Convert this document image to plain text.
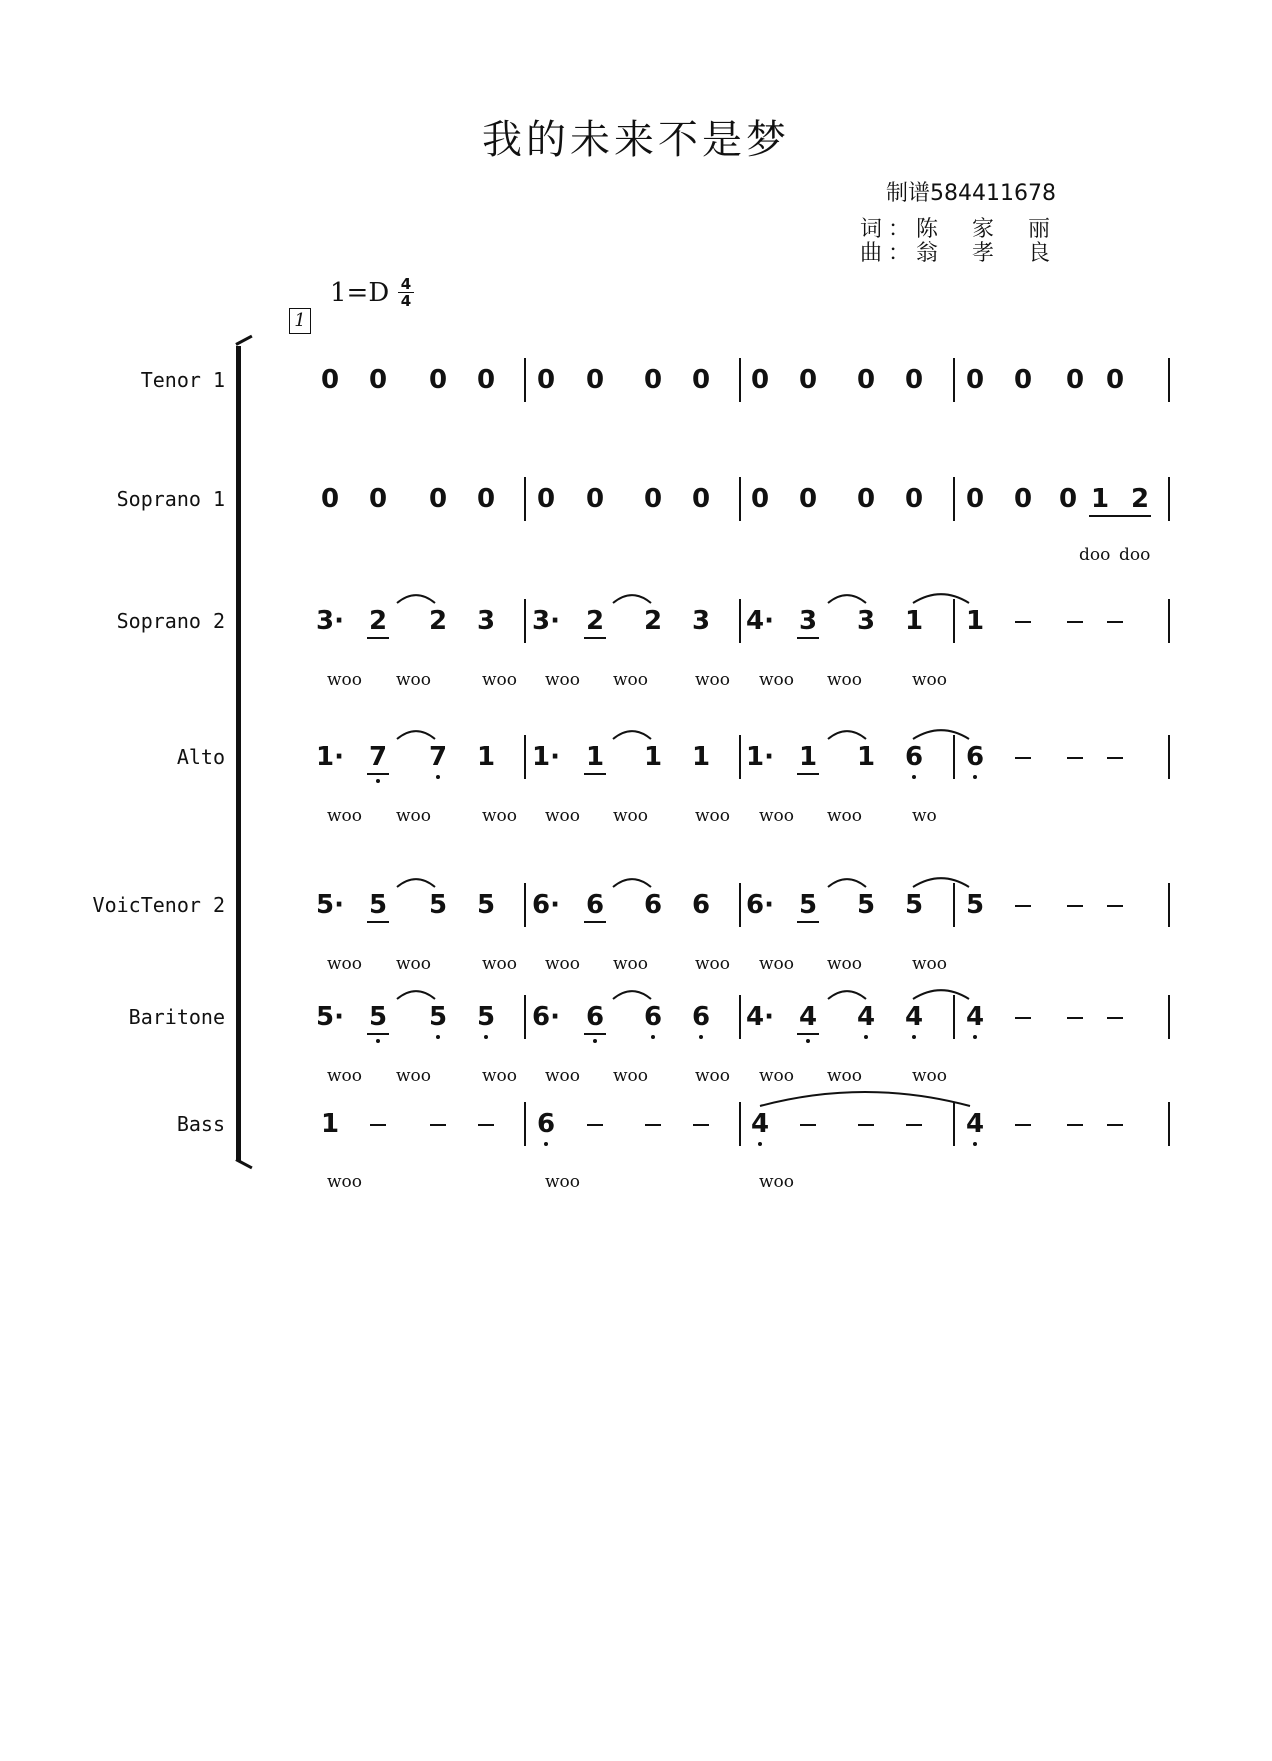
我的未来不是梦
制谱584411678
词：陈　家　丽
曲：翁　孝　良
1=D 4
4
1
Tenor 1	0 0 0 0 0 0 0 0 0 0 0 0 0 0 0 0
Soprano 1	0 0 0 0 0 0 0 0 0 0 0 0 0 0 0 1 2
doo doo
Soprano 2	3· 2 2 3 3· 2 2 3 4· 3 3 1 1
woo woo	woo woo woo	woo woo woo	woo
Alto	1· 7 7 1 1· 1 1 1 1· 1 1 6 6
woo woo	woo woo woo	woo woo woo	wo
VoicTenor 2	5· 5 5 5 6· 6 6 6 6· 5 5 5 5
woo woo	woo woo woo	woo woo woo	woo
Baritone	5· 5 5 5 6· 6 6 6 4· 4 4 4 4
woo woo	woo woo woo	woo woo woo	woo
Bass	1	6	4	4
woo	woo	woo
